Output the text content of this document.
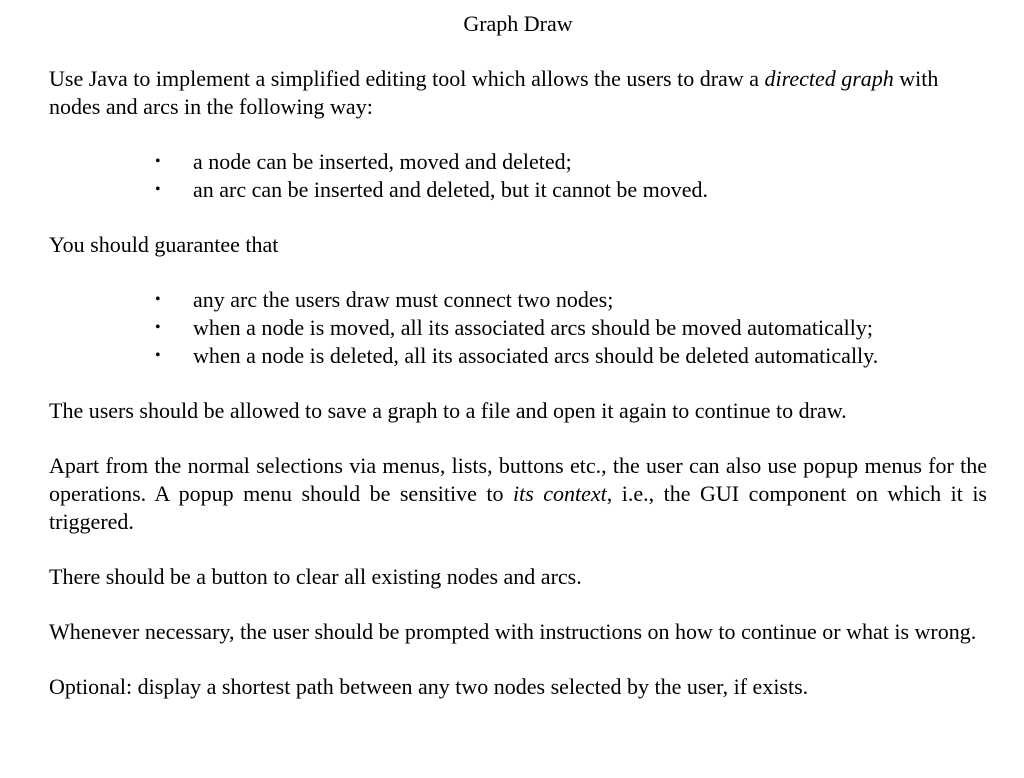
Graph Draw

Use Java to implement a simplified editing tool which allows the users to draw a directed graph with nodes and arcs in the following way:

• a node can be inserted, moved and deleted;
• an arc can be inserted and deleted, but it cannot be moved.

You should guarantee that

• any arc the users draw must connect two nodes;
• when a node is moved, all its associated arcs should be moved automatically;
• when a node is deleted, all its associated arcs should be deleted automatically.

The users should be allowed to save a graph to a file and open it again to continue to draw.

Apart from the normal selections via menus, lists, buttons etc., the user can also use popup menus for the operations. A popup menu should be sensitive to its context, i.e., the GUI component on which it is triggered.

There should be a button to clear all existing nodes and arcs.

Whenever necessary, the user should be prompted with instructions on how to continue or what is wrong.

Optional: display a shortest path between any two nodes selected by the user, if exists.
